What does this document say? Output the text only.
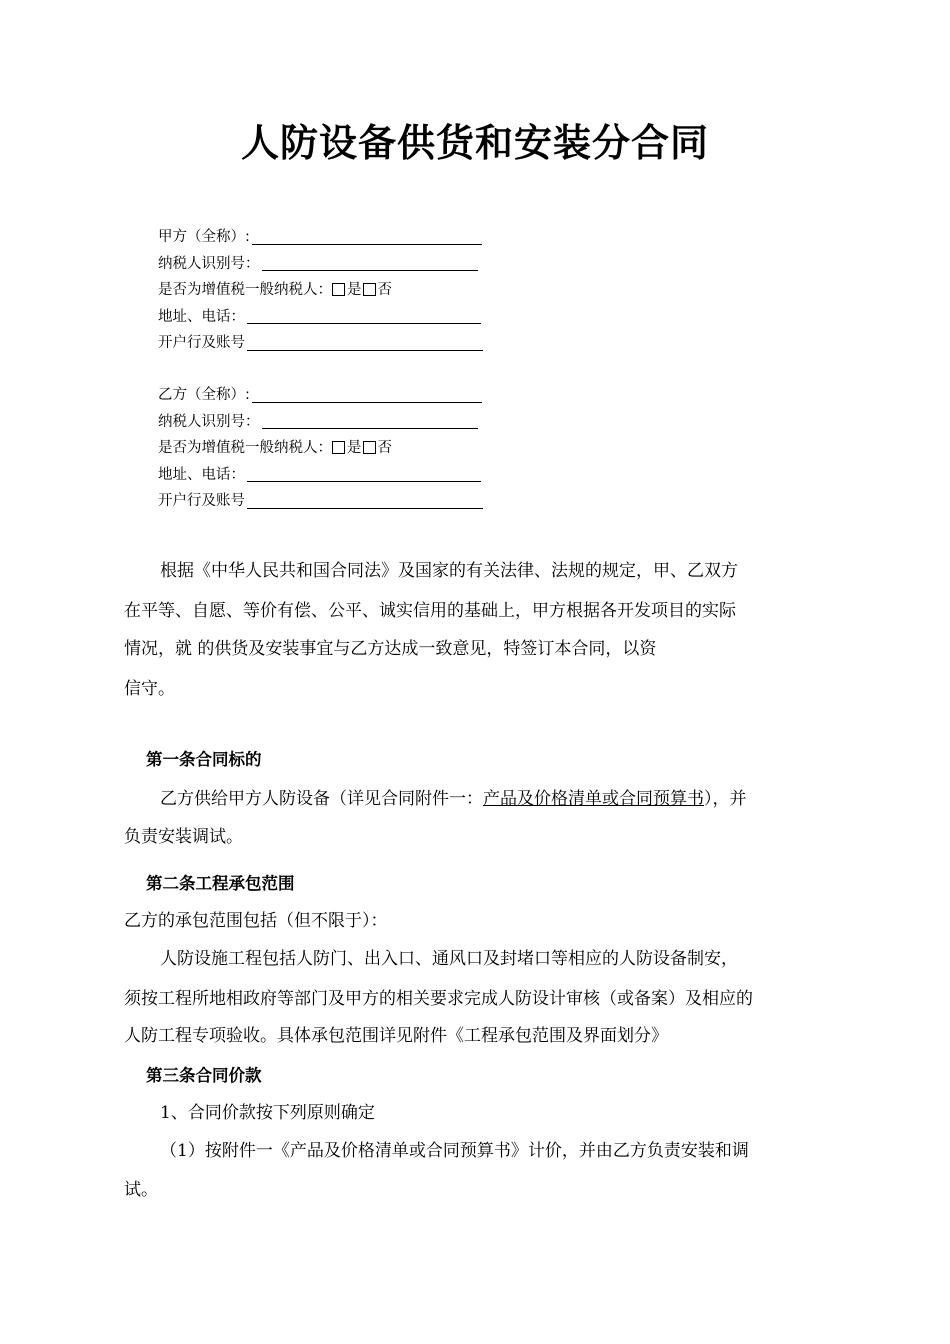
人防设备供货和安装分合同
甲方（全称）:
纳税人识别号：
是否为增值税一般纳税人： 是 否
地址、电话：
开户行及账号
乙方（全称）:
纳税人识别号：
是否为增值税一般纳税人： 是 否
地址、电话：
开户行及账号
根据《中华人民共和国合同法》及国家的有关法律、法规的规定，甲、乙双方
在平等、自愿、等价有偿、公平、诚实信用的基础上，甲方根据各开发项目的实际
情况，就 的供货及安装事宜与乙方达成一致意见，特签订本合同，以资
信守。
第一条合同标的
乙方供给甲方人防设备（详见合同附件一：产品及价格清单或合同预算书），并
负责安装调试。
第二条工程承包范围
乙方的承包范围包括（但不限于）：
人防设施工程包括人防门、出入口、通风口及封堵口等相应的人防设备制安，
须按工程所地相政府等部门及甲方的相关要求完成人防设计审核（或备案）及相应的
人防工程专项验收。具体承包范围详见附件《工程承包范围及界面划分》
第三条合同价款
1、合同价款按下列原则确定
（1）按附件一《产品及价格清单或合同预算书》计价，并由乙方负责安装和调
试。
